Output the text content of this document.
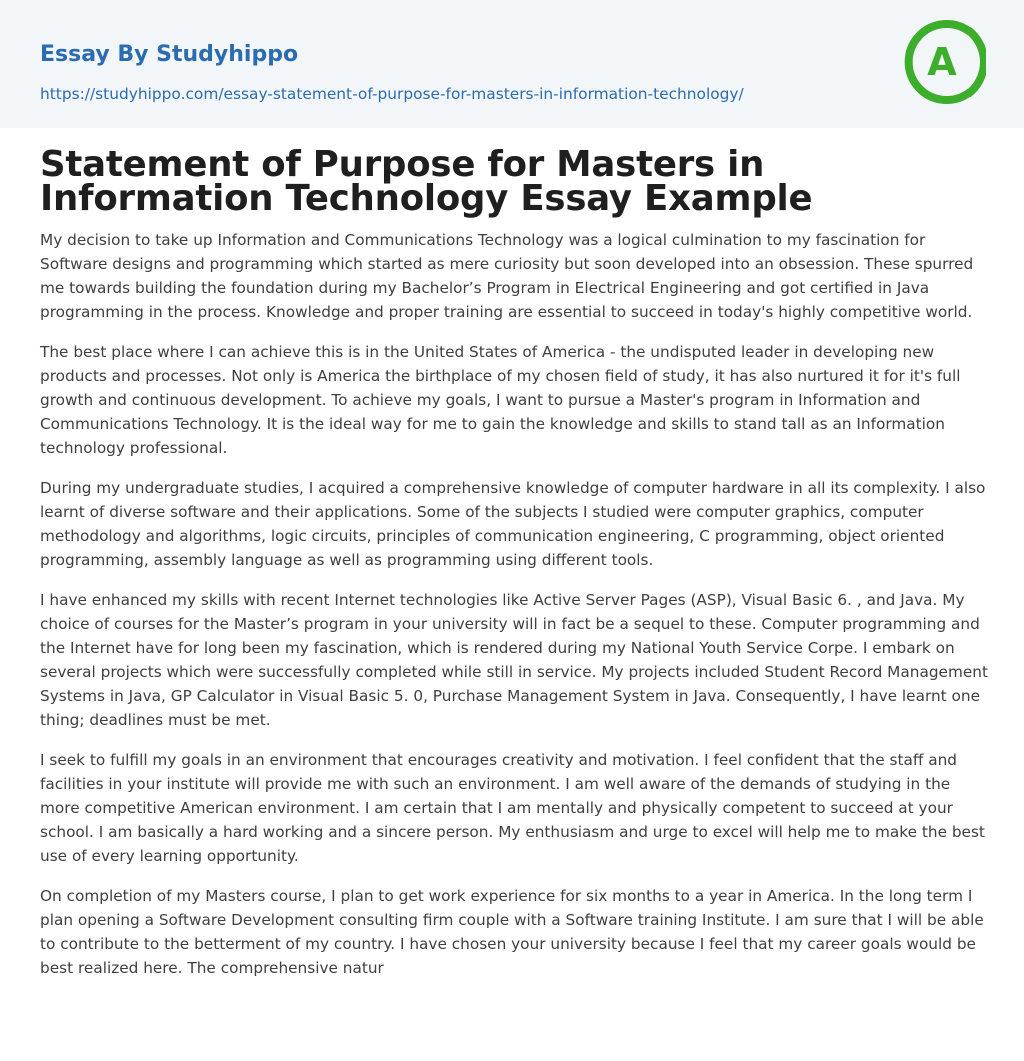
Essay By Studyhippo
https://studyhippo.com/essay-statement-of-purpose-for-masters-in-information-technology/
A
Statement of Purpose for Masters in Information Technology Essay Example

My decision to take up Information and Communications Technology was a logical culmination to my fascination for Software designs and programming which started as mere curiosity but soon developed into an obsession. These spurred me towards building the foundation during my Bachelor’s Program in Electrical Engineering and got certified in Java programming in the process. Knowledge and proper training are essential to succeed in today's highly competitive world.

The best place where I can achieve this is in the United States of America - the undisputed leader in developing new products and processes. Not only is America the birthplace of my chosen field of study, it has also nurtured it for it's full growth and continuous development. To achieve my goals, I want to pursue a Master's program in Information and Communications Technology. It is the ideal way for me to gain the knowledge and skills to stand tall as an Information technology professional.

During my undergraduate studies, I acquired a comprehensive knowledge of computer hardware in all its complexity. I also learnt of diverse software and their applications. Some of the subjects I studied were computer graphics, computer methodology and algorithms, logic circuits, principles of communication engineering, C programming, object oriented programming, assembly language as well as programming using different tools.

I have enhanced my skills with recent Internet technologies like Active Server Pages (ASP), Visual Basic 6. , and Java. My choice of courses for the Master’s program in your university will in fact be a sequel to these. Computer programming and the Internet have for long been my fascination, which is rendered during my National Youth Service Corpe. I embark on several projects which were successfully completed while still in service. My projects included Student Record Management Systems in Java, GP Calculator in Visual Basic 5. 0, Purchase Management System in Java. Consequently, I have learnt one thing; deadlines must be met.

I seek to fulfill my goals in an environment that encourages creativity and motivation. I feel confident that the staff and facilities in your institute will provide me with such an environment. I am well aware of the demands of studying in the more competitive American environment. I am certain that I am mentally and physically competent to succeed at your school. I am basically a hard working and a sincere person. My enthusiasm and urge to excel will help me to make the best use of every learning opportunity.

On completion of my Masters course, I plan to get work experience for six months to a year in America. In the long term I plan opening a Software Development consulting firm couple with a Software training Institute. I am sure that I will be able to contribute to the betterment of my country. I have chosen your university because I feel that my career goals would be best realized here. The comprehensive natur
